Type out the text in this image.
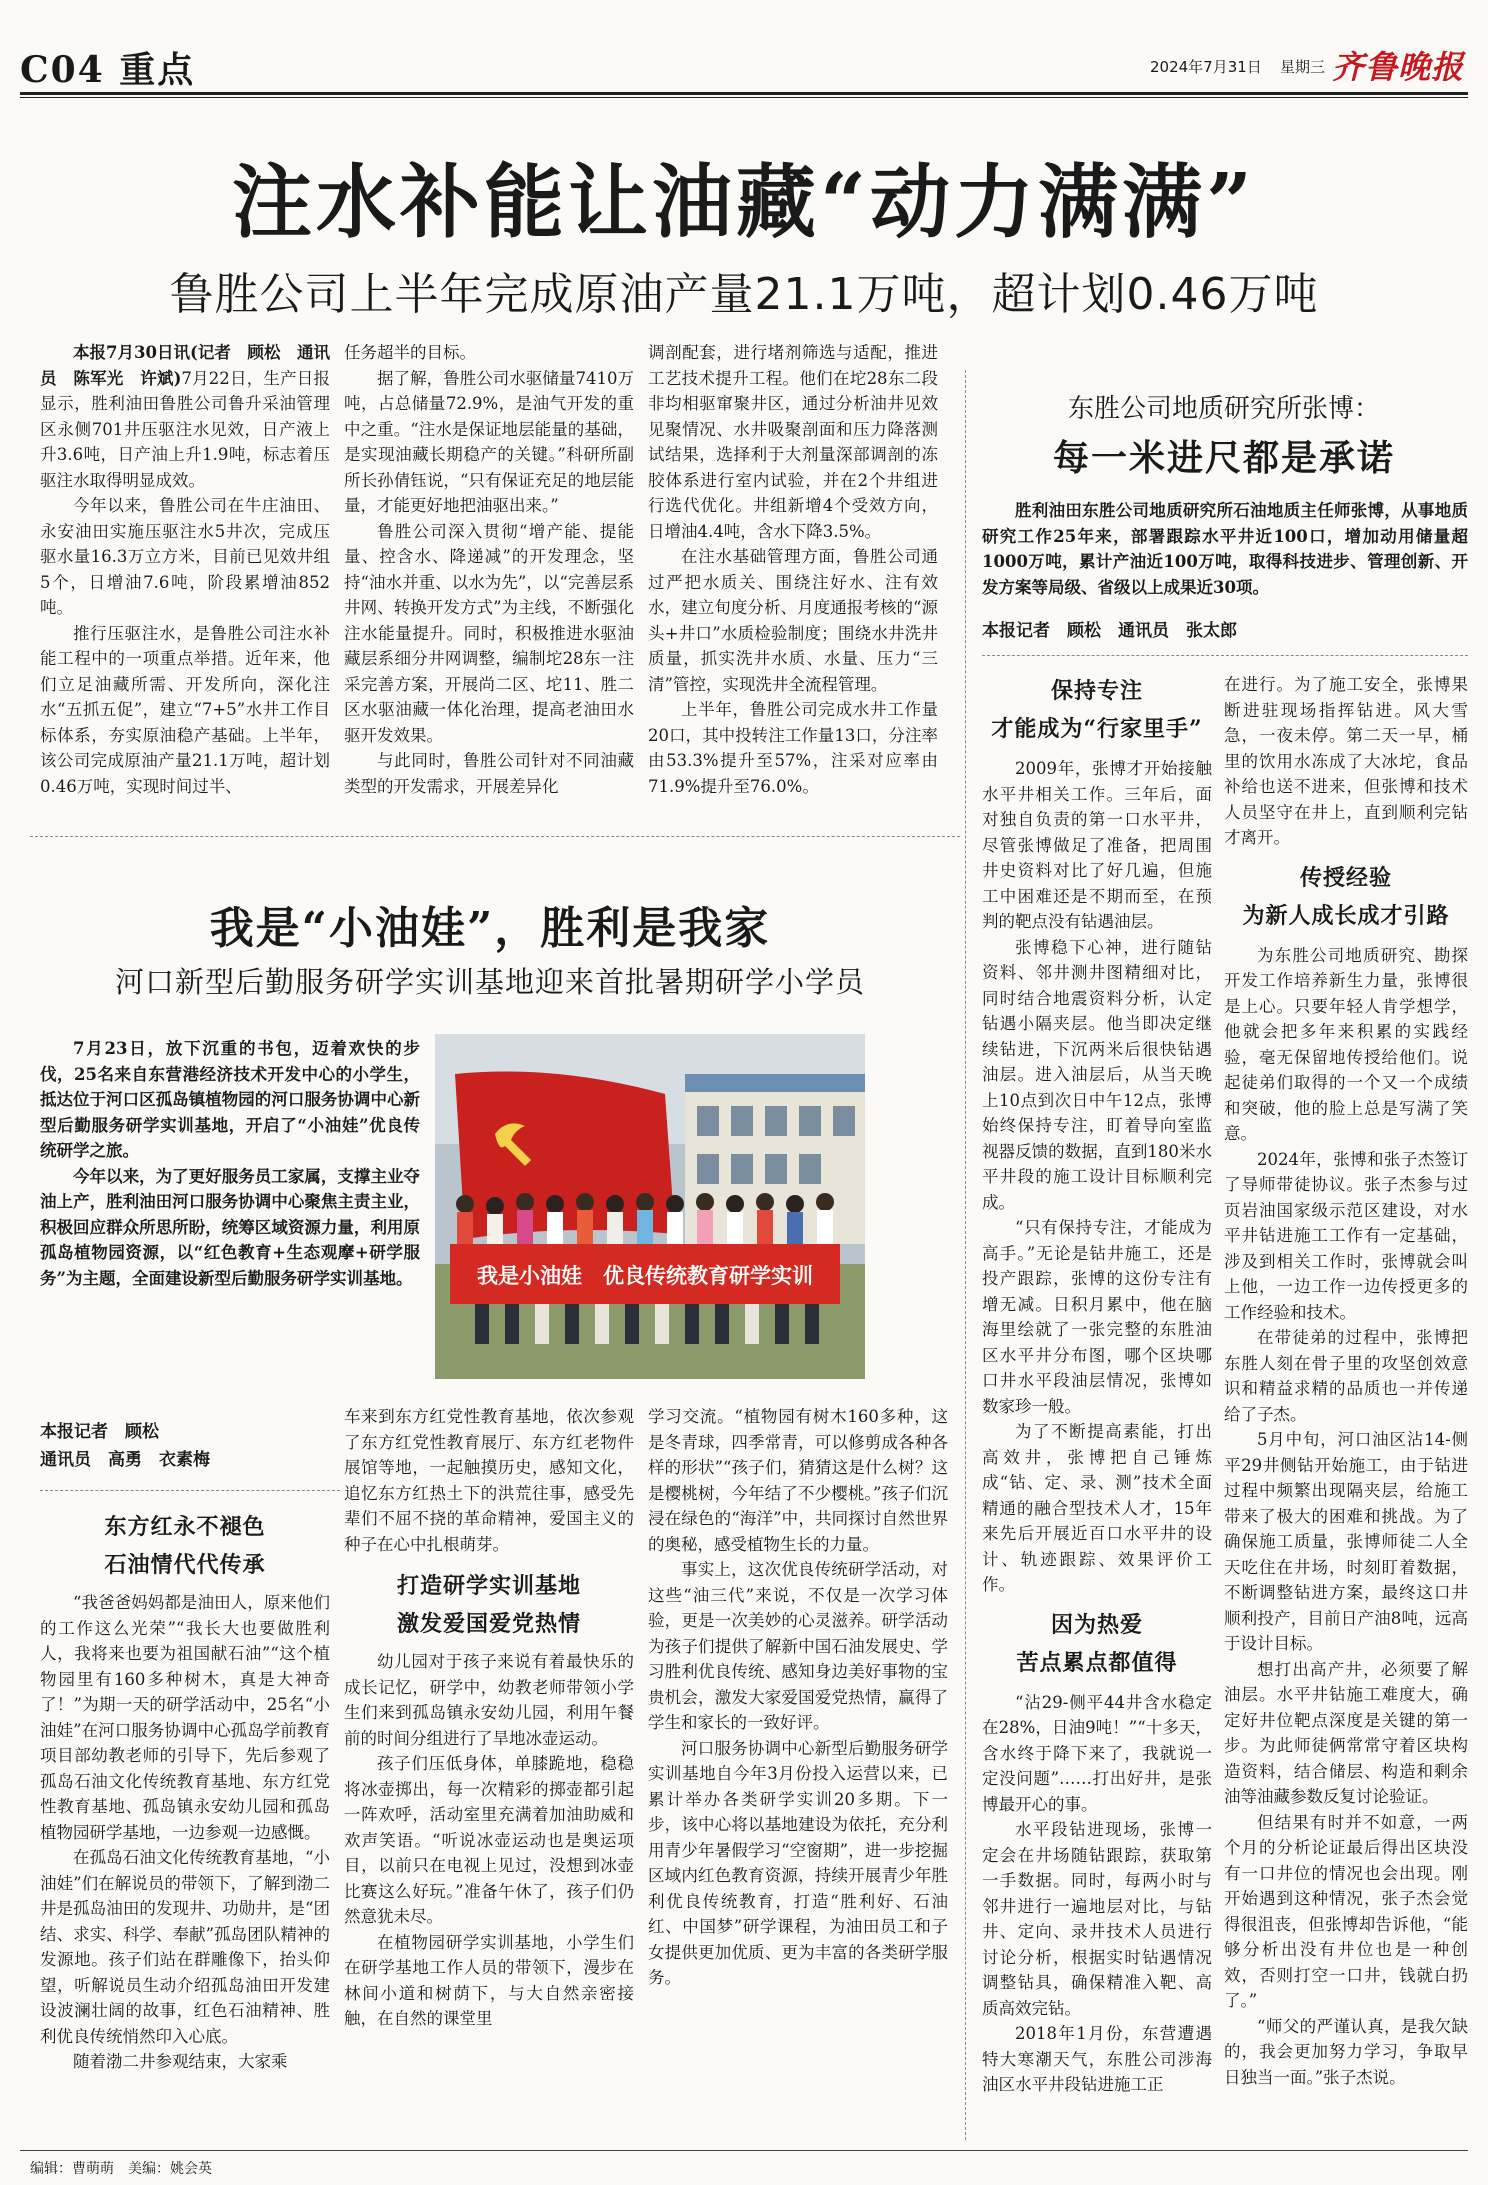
C04 重点	2024年7月31日 星期三 齐鲁晚报
注水补能让油藏“动力满满”
鲁胜公司上半年完成原油产量21.1万吨，超计划0.46万吨

本报7月30日讯(记者　顾松　通讯员　陈军光　许斌)7月22日，生产日报显示，胜利油田鲁胜公司鲁升采油管理区永侧701井压驱注水见效，日产液上升3.6吨，日产油上升1.9吨，标志着压驱注水取得明显成效。

今年以来，鲁胜公司在牛庄油田、永安油田实施压驱注水5井次，完成压驱水量16.3万立方米，目前已见效井组5个，日增油7.6吨，阶段累增油852吨。

推行压驱注水，是鲁胜公司注水补能工程中的一项重点举措。近年来，他们立足油藏所需、开发所向，深化注水“五抓五促”，建立“7+5”水井工作目标体系，夯实原油稳产基础。上半年，该公司完成原油产量21.1万吨，超计划0.46万吨，实现时间过半、

任务超半的目标。

据了解，鲁胜公司水驱储量7410万吨，占总储量72.9%，是油气开发的重中之重。“注水是保证地层能量的基础，是实现油藏长期稳产的关键。”科研所副所长孙倩钰说，“只有保证充足的地层能量，才能更好地把油驱出来。”

鲁胜公司深入贯彻“增产能、提能量、控含水、降递减”的开发理念，坚持“油水并重、以水为先”，以“完善层系井网、转换开发方式”为主线，不断强化注水能量提升。同时，积极推进水驱油藏层系细分井网调整，编制坨28东一注采完善方案，开展尚二区、坨11、胜二区水驱油藏一体化治理，提高老油田水驱开发效果。

与此同时，鲁胜公司针对不同油藏类型的开发需求，开展差异化

调剖配套，进行堵剂筛选与适配，推进工艺技术提升工程。他们在坨28东二段非均相驱窜聚井区，通过分析油井见效见聚情况、水井吸聚剖面和压力降落测试结果，选择利于大剂量深部调剖的冻胶体系进行室内试验，并在2个井组进行选代优化。井组新增4个受效方向，日增油4.4吨，含水下降3.5%。

在注水基础管理方面，鲁胜公司通过严把水质关、围绕注好水、注有效水，建立旬度分析、月度通报考核的“源头+井口”水质检验制度；围绕水井洗井质量，抓实洗井水质、水量、压力“三清”管控，实现洗井全流程管理。

上半年，鲁胜公司完成水井工作量20口，其中投转注工作量13口，分注率由53.3%提升至57%，注采对应率由71.9%提升至76.0%。

东胜公司地质研究所张博：
每一米进尺都是承诺

胜利油田东胜公司地质研究所石油地质主任师张博，从事地质研究工作25年来，部署跟踪水平井近100口，增加动用储量超1000万吨，累计产油近100万吨，取得科技进步、管理创新、开发方案等局级、省级以上成果近30项。

本报记者　顾松　通讯员　张太郎
保持专注
才能成为“行家里手”

2009年，张博才开始接触水平井相关工作。三年后，面对独自负责的第一口水平井，尽管张博做足了准备，把周围井史资料对比了好几遍，但施工中困难还是不期而至，在预判的靶点没有钻遇油层。

张博稳下心神，进行随钻资料、邻井测井图精细对比，同时结合地震资料分析，认定钻遇小隔夹层。他当即决定继续钻进，下沉两米后很快钻遇油层。进入油层后，从当天晚上10点到次日中午12点，张博始终保持专注，盯着导向室监视器反馈的数据，直到180米水平井段的施工设计目标顺利完成。

“只有保持专注，才能成为高手。”无论是钻井施工，还是投产跟踪，张博的这份专注有增无减。日积月累中，他在脑海里绘就了一张完整的东胜油区水平井分布图，哪个区块哪口井水平段油层情况，张博如数家珍一般。

为了不断提高素能，打出高效井，张博把自己锤炼成“钻、定、录、测”技术全面精通的融合型技术人才，15年来先后开展近百口水平井的设计、轨迹跟踪、效果评价工作。

因为热爱
苦点累点都值得

“沾29-侧平44井含水稳定在28%，日油9吨！”“十多天，含水终于降下来了，我就说一定没问题”……打出好井，是张博最开心的事。

水平段钻进现场，张博一定会在井场随钻跟踪，获取第一手数据。同时，每两小时与邻井进行一遍地层对比，与钻井、定向、录井技术人员进行讨论分析，根据实时钻遇情况调整钻具，确保精准入靶、高质高效完钻。

2018年1月份，东营遭遇特大寒潮天气，东胜公司涉海油区水平井段钻进施工正

在进行。为了施工安全，张博果断进驻现场指挥钻进。风大雪急，一夜未停。第二天一早，桶里的饮用水冻成了大冰坨，食品补给也送不进来，但张博和技术人员坚守在井上，直到顺利完钻才离开。

传授经验
为新人成长成才引路

为东胜公司地质研究、勘探开发工作培养新生力量，张博很是上心。只要年轻人肯学想学，他就会把多年来积累的实践经验，毫无保留地传授给他们。说起徒弟们取得的一个又一个成绩和突破，他的脸上总是写满了笑意。

2024年，张博和张子杰签订了导师带徒协议。张子杰参与过页岩油国家级示范区建设，对水平井钻进施工工作有一定基础，涉及到相关工作时，张博就会叫上他，一边工作一边传授更多的工作经验和技术。

在带徒弟的过程中，张博把东胜人刻在骨子里的攻坚创效意识和精益求精的品质也一并传递给了子杰。

5月中旬，河口油区沾14-侧平29井侧钻开始施工，由于钻进过程中频繁出现隔夹层，给施工带来了极大的困难和挑战。为了确保施工质量，张博师徒二人全天吃住在井场，时刻盯着数据，不断调整钻进方案，最终这口井顺利投产，目前日产油8吨，远高于设计目标。

想打出高产井，必须要了解油层。水平井钻施工难度大，确定好井位靶点深度是关键的第一步。为此师徒俩常常守着区块构造资料，结合储层、构造和剩余油等油藏参数反复讨论验证。

但结果有时并不如意，一两个月的分析论证最后得出区块没有一口井位的情况也会出现。刚开始遇到这种情况，张子杰会觉得很沮丧，但张博却告诉他，“能够分析出没有井位也是一种创效，否则打空一口井，钱就白扔了。”

“师父的严谨认真，是我欠缺的，我会更加努力学习，争取早日独当一面。”张子杰说。

我是“小油娃”，胜利是我家
河口新型后勤服务研学实训基地迎来首批暑期研学小学员

7月23日，放下沉重的书包，迈着欢快的步伐，25名来自东营港经济技术开发中心的小学生，抵达位于河口区孤岛镇植物园的河口服务协调中心新型后勤服务研学实训基地，开启了“小油娃”优良传统研学之旅。

今年以来，为了更好服务员工家属，支撑主业夺油上产，胜利油田河口服务协调中心聚焦主责主业，积极回应群众所思所盼，统筹区域资源力量，利用原孤岛植物园资源，以“红色教育+生态观摩+研学服务”为主题，全面建设新型后勤服务研学实训基地。	我是小油娃　优良传统教育研学实训
本报记者　顾松
通讯员　高勇　衣素梅
东方红永不褪色
石油情代代传承

“我爸爸妈妈都是油田人，原来他们的工作这么光荣”“我长大也要做胜利人，我将来也要为祖国献石油”“这个植物园里有160多种树木，真是大神奇了！”为期一天的研学活动中，25名“小油娃”在河口服务协调中心孤岛学前教育项目部幼教老师的引导下，先后参观了孤岛石油文化传统教育基地、东方红党性教育基地、孤岛镇永安幼儿园和孤岛植物园研学基地，一边参观一边感慨。

在孤岛石油文化传统教育基地，“小油娃”们在解说员的带领下，了解到渤二井是孤岛油田的发现井、功勋井，是“团结、求实、科学、奉献”孤岛团队精神的发源地。孩子们站在群雕像下，抬头仰望，听解说员生动介绍孤岛油田开发建设波澜壮阔的故事，红色石油精神、胜利优良传统悄然印入心底。

随着渤二井参观结束，大家乘

车来到东方红党性教育基地，依次参观了东方红党性教育展厅、东方红老物件展馆等地，一起触摸历史，感知文化，追忆东方红热土下的洪荒往事，感受先辈们不屈不挠的革命精神，爱国主义的种子在心中扎根萌芽。

打造研学实训基地
激发爱国爱党热情

幼儿园对于孩子来说有着最快乐的成长记忆，研学中，幼教老师带领小学生们来到孤岛镇永安幼儿园，利用午餐前的时间分组进行了旱地冰壶运动。

孩子们压低身体，单膝跪地，稳稳将冰壶掷出，每一次精彩的掷壶都引起一阵欢呼，活动室里充满着加油助威和欢声笑语。“听说冰壶运动也是奥运项目，以前只在电视上见过，没想到冰壶比赛这么好玩。”准备午休了，孩子们仍然意犹未尽。

在植物园研学实训基地，小学生们在研学基地工作人员的带领下，漫步在林间小道和树荫下，与大自然亲密接触，在自然的课堂里

学习交流。“植物园有树木160多种，这是冬青球，四季常青，可以修剪成各种各样的形状”“孩子们，猜猜这是什么树？这是樱桃树，今年结了不少樱桃。”孩子们沉浸在绿色的“海洋”中，共同探讨自然世界的奥秘，感受植物生长的力量。

事实上，这次优良传统研学活动，对这些“油三代”来说，不仅是一次学习体验，更是一次美妙的心灵滋养。研学活动为孩子们提供了解新中国石油发展史、学习胜利优良传统、感知身边美好事物的宝贵机会，激发大家爱国爱党热情，赢得了学生和家长的一致好评。

河口服务协调中心新型后勤服务研学实训基地自今年3月份投入运营以来，已累计举办各类研学实训20多期。下一步，该中心将以基地建设为依托，充分利用青少年暑假学习“空窗期”，进一步挖掘区域内红色教育资源，持续开展青少年胜利优良传统教育，打造“胜利好、石油红、中国梦”研学课程，为油田员工和子女提供更加优质、更为丰富的各类研学服务。

编辑：曹萌萌　美编：姚会英
